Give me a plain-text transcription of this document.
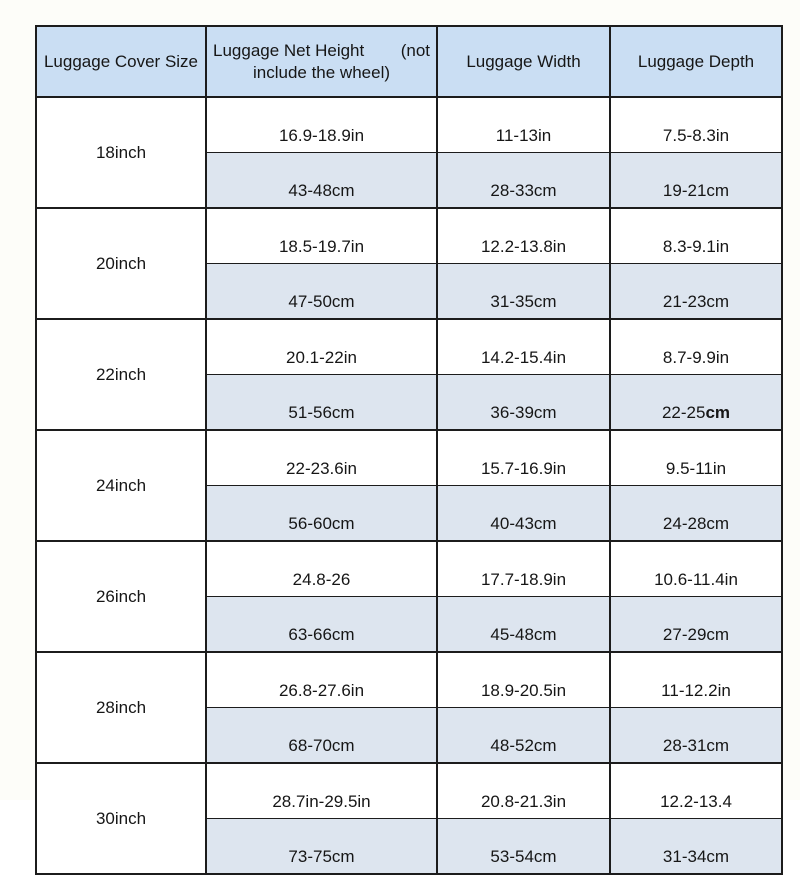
Luggage Cover Size	Luggage Net Height (not
include the wheel)	Luggage Width	Luggage Depth
18inch	16.9-18.9in	11-13in	7.5-8.3in
	43-48cm	28-33cm	19-21cm
20inch	18.5-19.7in	12.2-13.8in	8.3-9.1in
	47-50cm	31-35cm	21-23cm
22inch	20.1-22in	14.2-15.4in	8.7-9.9in
	51-56cm	36-39cm	22-25cm
24inch	22-23.6in	15.7-16.9in	9.5-11in
	56-60cm	40-43cm	24-28cm
26inch	24.8-26	17.7-18.9in	10.6-11.4in
	63-66cm	45-48cm	27-29cm
28inch	26.8-27.6in	18.9-20.5in	11-12.2in
	68-70cm	48-52cm	28-31cm
30inch	28.7in-29.5in	20.8-21.3in	12.2-13.4
	73-75cm	53-54cm	31-34cm
